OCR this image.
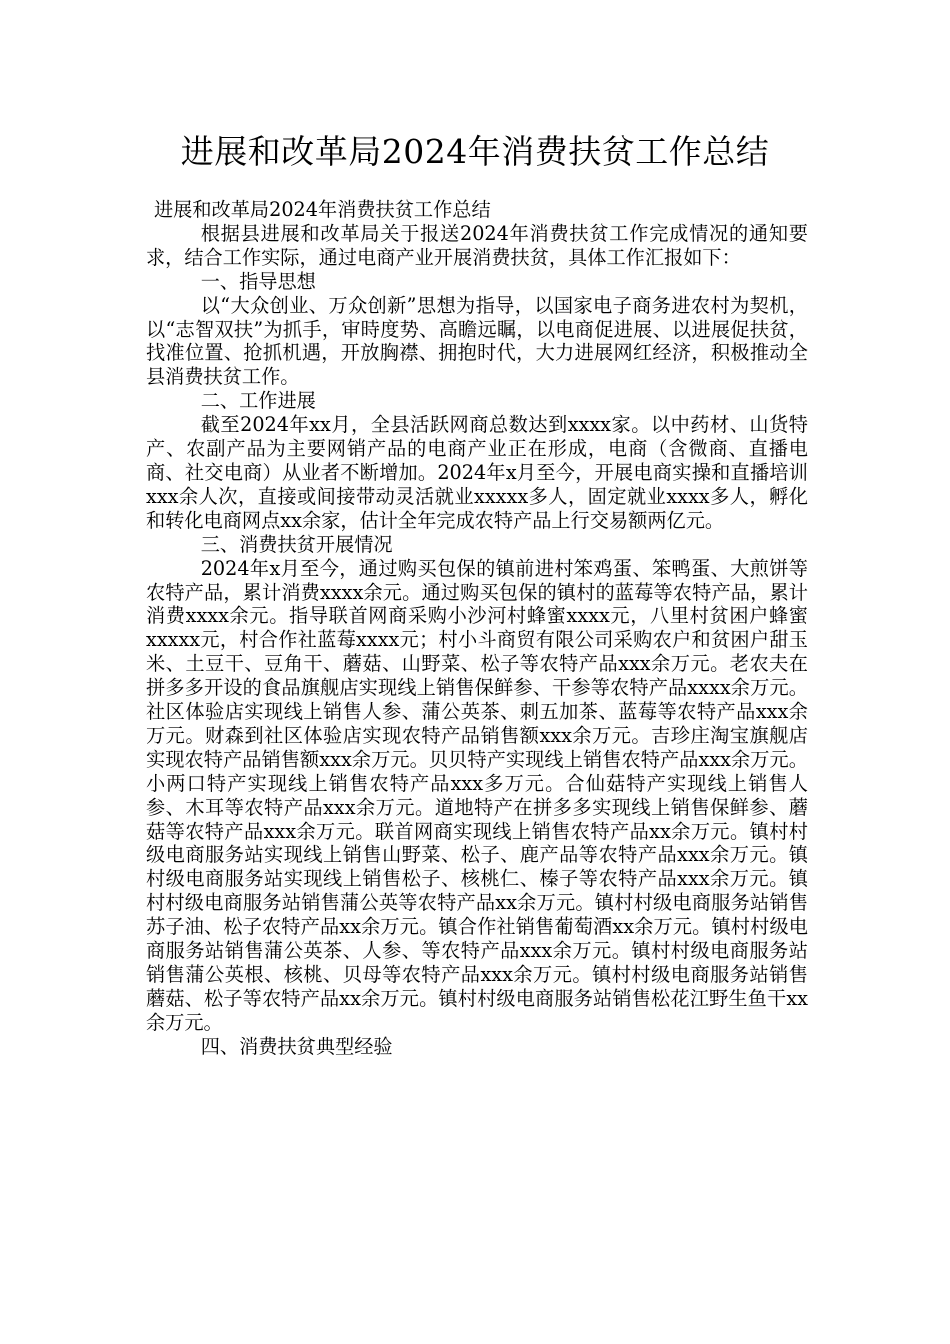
进展和改革局2024年消费扶贫工作总结

进展和改革局2024年消费扶贫工作总结

根据县进展和改革局关于报送2024年消费扶贫工作完成情况的通知要求，结合工作实际，通过电商产业开展消费扶贫，具体工作汇报如下：

一、指导思想

以“大众创业、万众创新”思想为指导，以国家电子商务进农村为契机，以“志智双扶”为抓手，审時度势、高瞻远瞩，以电商促进展、以进展促扶贫，找准位置、抢抓机遇，开放胸襟、拥抱时代，大力进展网红经济，积极推动全县消费扶贫工作。

二、工作进展

截至2024年xx月，全县活跃网商总数达到xxxx家。以中药材、山货特产、农副产品为主要网销产品的电商产业正在形成，电商（含微商、直播电商、社交电商）从业者不断增加。2024年x月至今，开展电商实操和直播培训xxx余人次，直接或间接带动灵活就业xxxxx多人，固定就业xxxx多人，孵化和转化电商网点xx余家，估计全年完成农特产品上行交易额两亿元。

三、消费扶贫开展情况

2024年x月至今，通过购买包保的镇前进村笨鸡蛋、笨鸭蛋、大煎饼等农特产品，累计消费xxxx余元。通过购买包保的镇村的蓝莓等农特产品，累计消费xxxx余元。指导联首网商采购小沙河村蜂蜜xxxx元，八里村贫困户蜂蜜xxxxx元，村合作社蓝莓xxxx元；村小斗商贸有限公司采购农户和贫困户甜玉米、土豆干、豆角干、蘑菇、山野菜、松子等农特产品xxx余万元。老农夫在拼多多开设的食品旗舰店实现线上销售保鲜参、干参等农特产品xxxx余万元。社区体验店实现线上销售人参、蒲公英茶、刺五加茶、蓝莓等农特产品xxx余万元。财森到社区体验店实现农特产品销售额xxx余万元。吉珍庄淘宝旗舰店实现农特产品销售额xxx余万元。贝贝特产实现线上销售农特产品xxx余万元。小两口特产实现线上销售农特产品xxx多万元。合仙菇特产实现线上销售人参、木耳等农特产品xxx余万元。道地特产在拼多多实现线上销售保鲜参、蘑菇等农特产品xxx余万元。联首网商实现线上销售农特产品xx余万元。镇村村级电商服务站实现线上销售山野菜、松子、鹿产品等农特产品xxx余万元。镇村级电商服务站实现线上销售松子、核桃仁、榛子等农特产品xxx余万元。镇村村级电商服务站销售蒲公英等农特产品xx余万元。镇村村级电商服务站销售苏子油、松子农特产品xx余万元。镇合作社销售葡萄酒xx余万元。镇村村级电商服务站销售蒲公英茶、人参、等农特产品xxx余万元。镇村村级电商服务站销售蒲公英根、核桃、贝母等农特产品xxx余万元。镇村村级电商服务站销售蘑菇、松子等农特产品xx余万元。镇村村级电商服务站销售松花江野生鱼干xx余万元。

四、消费扶贫典型经验
